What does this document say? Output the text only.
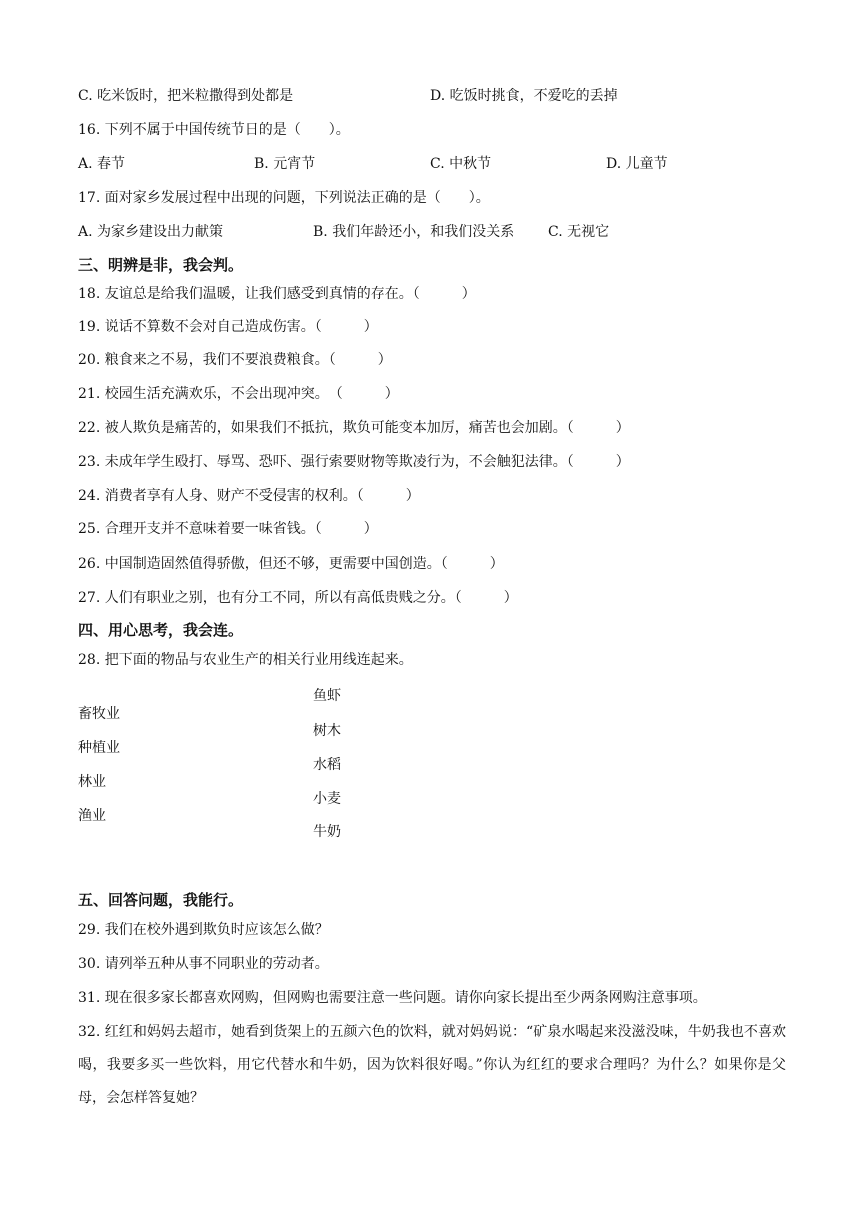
C. 吃米饭时，把米粒撒得到处都是	D. 吃饭时挑食，不爱吃的丢掉
16. 下列不属于中国传统节日的是（　　）。
A. 春节	B. 元宵节	C. 中秋节	D. 儿童节
17. 面对家乡发展过程中出现的问题，下列说法正确的是（　　）。
A. 为家乡建设出力献策	B. 我们年龄还小，和我们没关系 C. 无视它
三、明辨是非，我会判。
18. 友谊总是给我们温暖，让我们感受到真情的存在。（　　　）
19. 说话不算数不会对自己造成伤害。（　　　）
20. 粮食来之不易，我们不要浪费粮食。（　　　）
21. 校园生活充满欢乐，不会出现冲突。　（　　　）
22. 被人欺负是痛苦的，如果我们不抵抗，欺负可能变本加厉，痛苦也会加剧。（　　　）
23. 未成年学生殴打、辱骂、恐吓、强行索要财物等欺凌行为，不会触犯法律。（　　　）
24. 消费者享有人身、财产不受侵害的权利。（　　　）
25. 合理开支并不意味着要一味省钱。（　　　）
26. 中国制造固然值得骄傲，但还不够，更需要中国创造。（　　　）
27. 人们有职业之别，也有分工不同，所以有高低贵贱之分。（　　　）
四、用心思考，我会连。
28. 把下面的物品与农业生产的相关行业用线连起来。
畜牧业
种植业
林业
渔业
鱼虾
树木
水稻
小麦
牛奶
五、回答问题，我能行。
29. 我们在校外遇到欺负时应该怎么做？
30. 请列举五种从事不同职业的劳动者。
31. 现在很多家长都喜欢网购，但网购也需要注意一些问题。请你向家长提出至少两条网购注意事项。
32. 红红和妈妈去超市，她看到货架上的五颜六色的饮料，就对妈妈说：“矿泉水喝起来没滋没味，牛奶我也不喜欢喝，我要多买一些饮料，用它代替水和牛奶，因为饮料很好喝。”你认为红红的要求合理吗？为什么？如果你是父母，会怎样答复她？
